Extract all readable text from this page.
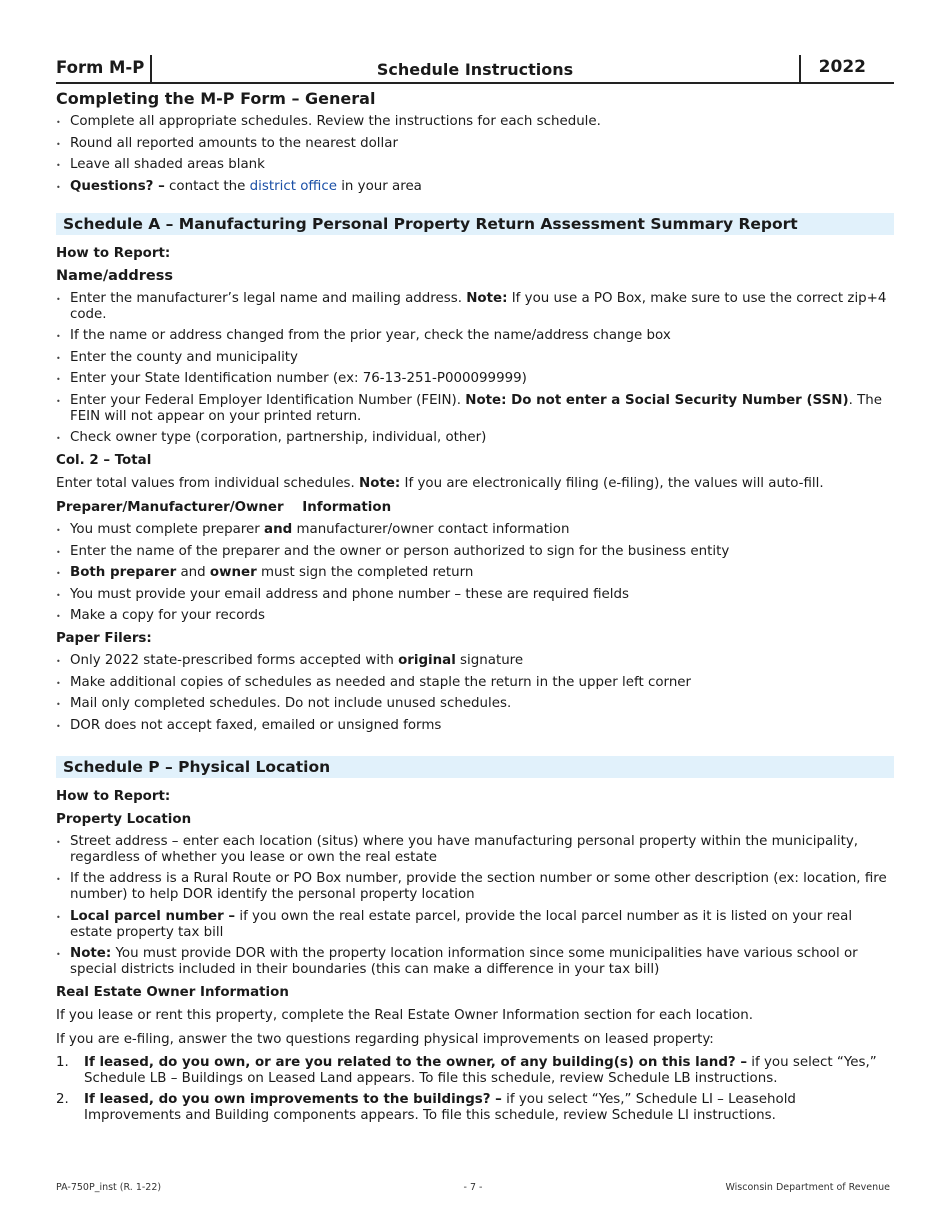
Form M-P	Schedule Instructions	2022
Completing the M-P Form – General
• Complete all appropriate schedules. Review the instructions for each schedule.
• Round all reported amounts to the nearest dollar
• Leave all shaded areas blank
• Questions? – contact the district office in your area
Schedule A – Manufacturing Personal Property Return Assessment Summary Report
How to Report:
Name/address
• Enter the manufacturer’s legal name and mailing address. Note: If you use a PO Box, make sure to use the correct zip+4 code.
• If the name or address changed from the prior year, check the name/address change box
• Enter the county and municipality
• Enter your State Identification number (ex: 76-13-251-P000099999)
• Enter your Federal Employer Identification Number (FEIN). Note: Do not enter a Social Security Number (SSN). The FEIN will not appear on your printed return.
• Check owner type (corporation, partnership, individual, other)
Col. 2 – Total

Enter total values from individual schedules. Note: If you are electronically filing (e-filing), the values will auto-fill.

Preparer/Manufacturer/Owner    Information
• You must complete preparer and manufacturer/owner contact information
• Enter the name of the preparer and the owner or person authorized to sign for the business entity
• Both preparer and owner must sign the completed return
• You must provide your email address and phone number – these are required fields
• Make a copy for your records
Paper Filers:
• Only 2022 state-prescribed forms accepted with original signature
• Make additional copies of schedules as needed and staple the return in the upper left corner
• Mail only completed schedules. Do not include unused schedules.
• DOR does not accept faxed, emailed or unsigned forms
Schedule P – Physical Location
How to Report:
Property Location
• Street address – enter each location (situs) where you have manufacturing personal property within the municipality, regardless of whether you lease or own the real estate
• If the address is a Rural Route or PO Box number, provide the section number or some other description (ex: location, fire number) to help DOR identify the personal property location
• Local parcel number – if you own the real estate parcel, provide the local parcel number as it is listed on your real estate property tax bill
• Note: You must provide DOR with the property location information since some municipalities have various school or special districts included in their boundaries (this can make a difference in your tax bill)
Real Estate Owner Information

If you lease or rent this property, complete the Real Estate Owner Information section for each location.

If you are e-filing, answer the two questions regarding physical improvements on leased property:

1. If leased, do you own, or are you related to the owner, of any building(s) on this land? – if you select “Yes,” Schedule LB – Buildings on Leased Land appears. To file this schedule, review Schedule LB instructions.
2. If leased, do you own improvements to the buildings? – if you select “Yes,” Schedule LI – Leasehold Improvements and Building components appears. To file this schedule, review Schedule LI instructions.
PA-750P_inst (R. 1-22)	- 7 -	Wisconsin Department of Revenue
